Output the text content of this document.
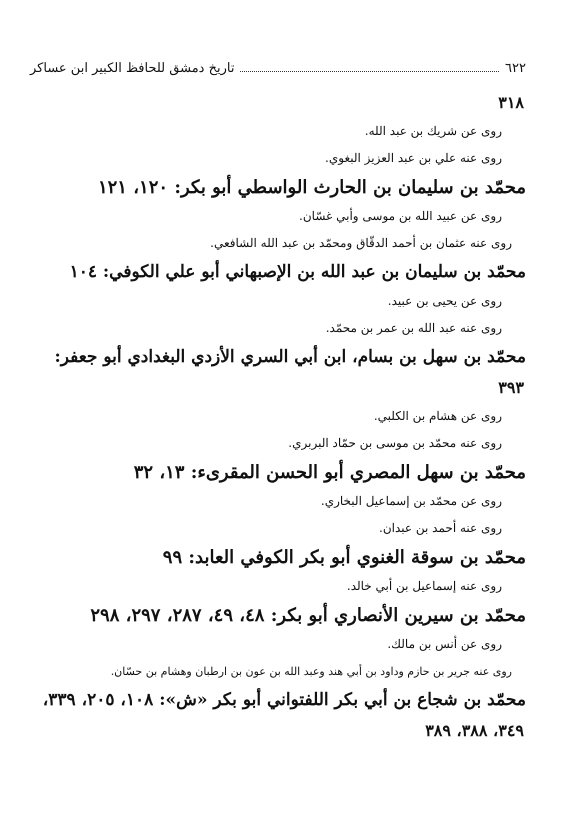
٦٢٢
تاريخ دمشق للحافظ الكبير ابن عساكر
٣١٨
روى عن شريك بن عبد الله.
روى عنه علي بن عبد العزيز البغوي.
محمّد بن سليمان بن الحارث الواسطي أبو بكر: ١٢٠، ١٢١
روى عن عبيد الله بن موسى وأبي غسّان.
روى عنه عثمان بن أحمد الدقّاق ومحمّد بن عبد الله الشافعي.
محمّد بن سليمان بن عبد الله بن الإصبهاني أبو علي الكوفي: ١٠٤
روى عن يحيى بن عبيد.
روى عنه عبد الله بن عمر بن محمّد.
محمّد بن سهل بن بسام، ابن أبي السري الأزدي البغدادي أبو جعفر:
٣٩٣
روى عن هشام بن الكلبي.
روى عنه محمّد بن موسى بن حمّاد البربري.
محمّد بن سهل المصري أبو الحسن المقرىء: ١٣، ٣٢
روى عن محمّد بن إسماعيل البخاري.
روى عنه أحمد بن عبدان.
محمّد بن سوقة الغنوي أبو بكر الكوفي العابد: ٩٩
روى عنه إسماعيل بن أبي خالد.
محمّد بن سيرين الأنصاري أبو بكر: ٤٨، ٤٩، ٢٨٧، ٢٩٧، ٢٩٨
روى عن أنس بن مالك.
روى عنه جرير بن حازم وداود بن أبي هند وعبد الله بن عون بن ارطبان وهشام بن حسّان.
محمّد بن شجاع بن أبي بكر اللفتواني أبو بكر «ش»: ١٠٨، ٢٠٥، ٣٣٩،
٣٤٩، ٣٨٨، ٣٨٩
